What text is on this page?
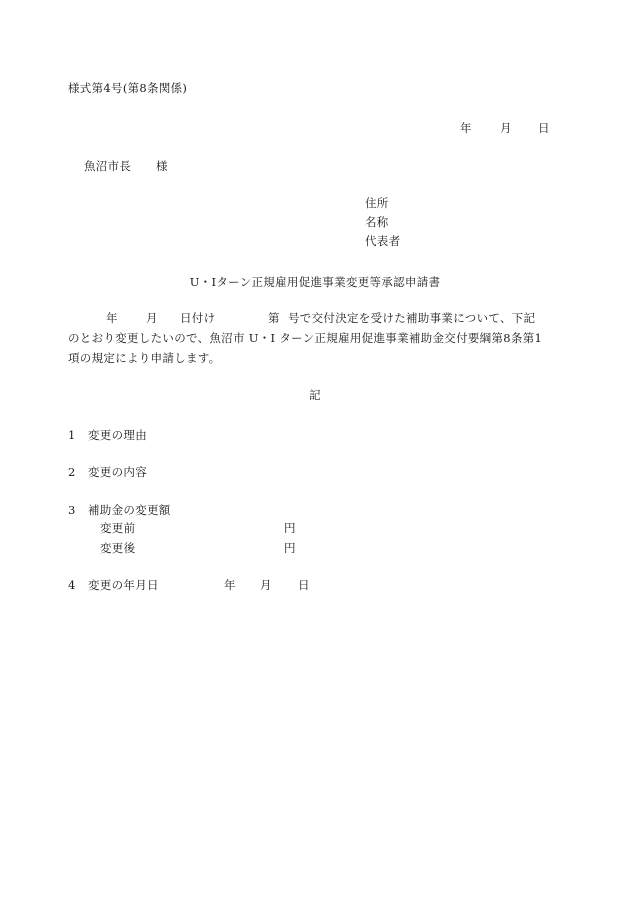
様式第4号(第8条関係)
年 月 日
魚沼市長 様
住所
名称
代表者
U・Iターン正規雇用促進事業変更等承認申請書
年 月 日付け	第 号で交付決定を受けた補助事業について、下記
のとおり変更したいので、魚沼市 U・I ターン正規雇用促進事業補助金交付要綱第8条第1
項の規定により申請します。
記
1 変更の理由
2 変更の内容
3 補助金の変更額
変更前	円
変更後	円
4 変更の年月日	年 月 日
